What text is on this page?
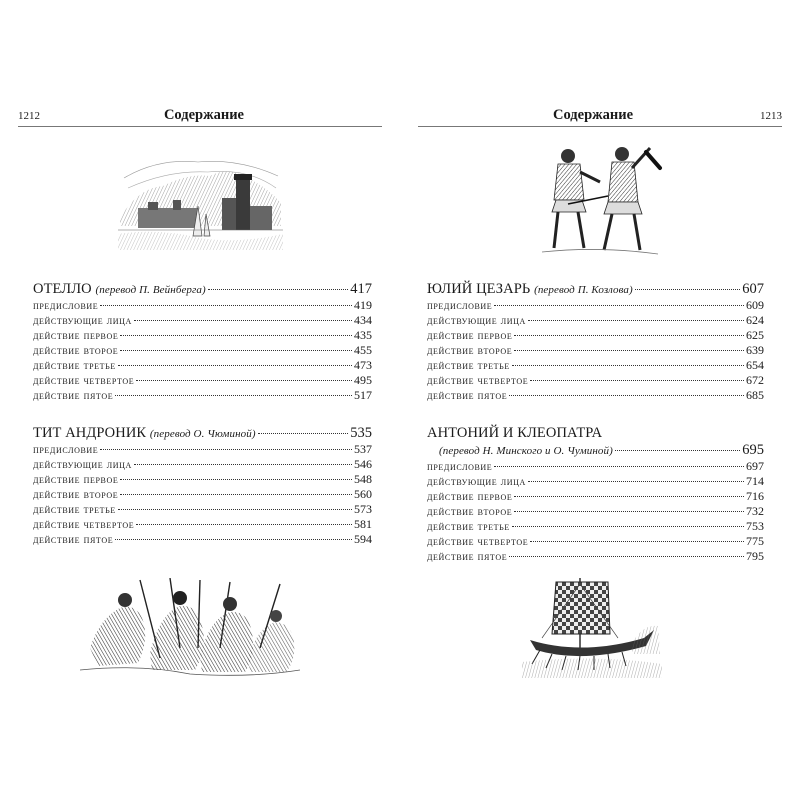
1212	Содержание
ОТЕЛЛО (перевод П. Вейнберга)	417
предисловие	419
действующие лица	434
действие первое	435
действие второе	455
действие третье	473
действие четвертое	495
действие пятое	517
ТИТ АНДРОНИК (перевод О. Чюминой)	535
предисловие	537
действующие лица	546
действие первое	548
действие второе	560
действие третье	573
действие четвертое	581
действие пятое	594
Содержание	1213
ЮЛИЙ ЦЕЗАРЬ (перевод П. Козлова)	607
предисловие	609
действующие лица	624
действие первое	625
действие второе	639
действие третье	654
действие четвертое	672
действие пятое	685
АНТОНИЙ И КЛЕОПАТРА
(перевод Н. Минского и О. Чуминой)	695
предисловие	697
действующие лица	714
действие первое	716
действие второе	732
действие третье	753
действие четвертое	775
действие пятое	795
